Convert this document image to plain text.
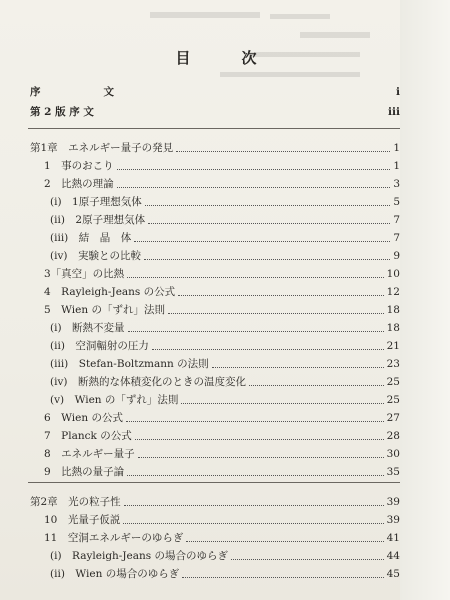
目　次
序　　　　　　文	i
第 2 版 序 文	iii
第1章　エネルギー量子の発見	1
1　事のおこり	1
2　比熱の理論	3
(i)　1原子理想気体	5
(ii)　2原子理想気体	7
(iii)　結　晶　体	7
(iv)　実験との比較	9
3「真空」の比熱	10
4　Rayleigh-Jeans の公式	12
5　Wien の「ずれ」法則	18
(i)　断熱不変量	18
(ii)　空洞輻射の圧力	21
(iii)　Stefan-Boltzmann の法則	23
(iv)　断熱的な体積変化のときの温度変化	25
(v)　Wien の「ずれ」法則	25
6　Wien の公式	27
7　Planck の公式	28
8　エネルギー量子	30
9　比熱の量子論	35
第2章　光の粒子性	39
10　光量子仮説	39
11　空洞エネルギーのゆらぎ	41
(i)　Rayleigh-Jeans の場合のゆらぎ	44
(ii)　Wien の場合のゆらぎ	45
